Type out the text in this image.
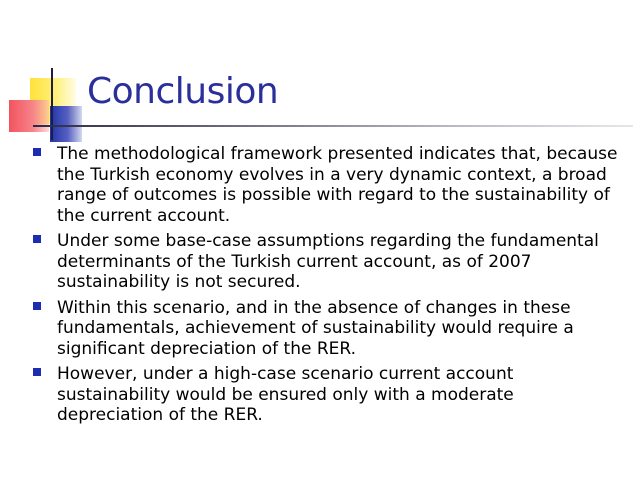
Conclusion
The methodological framework presented indicates that, because the Turkish economy evolves in a very dynamic context, a broad range of outcomes is possible with regard to the sustainability of the current account.
Under some base-case assumptions regarding the fundamental determinants of the Turkish current account, as of 2007 sustainability is not secured.
Within this scenario, and in the absence of changes in these fundamentals, achievement of sustainability would require a significant depreciation of the RER.
However, under a high-case scenario current account sustainability would be ensured only with a moderate depreciation of the RER.
